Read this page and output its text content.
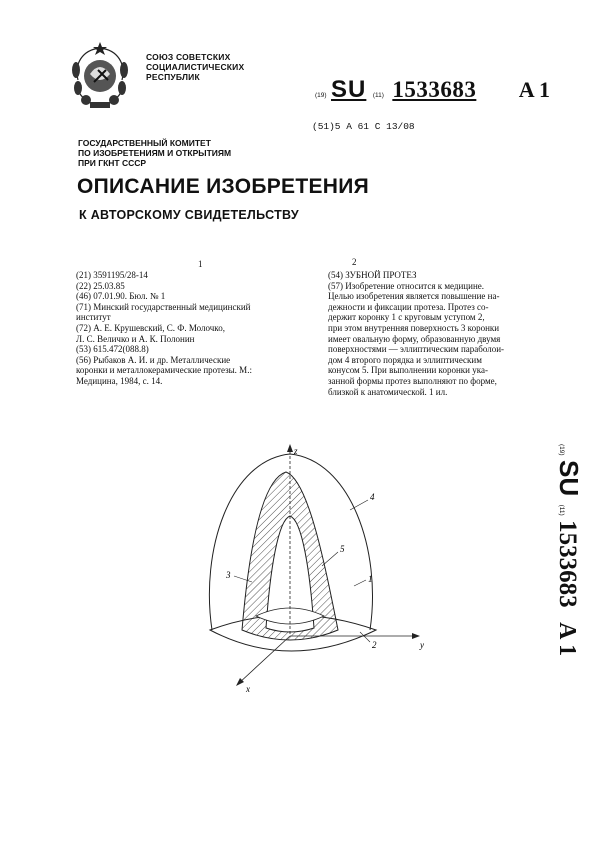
СОЮЗ СОВЕТСКИХ
СОЦИАЛИСТИЧЕСКИХ
РЕСПУБЛИК
(19) SU (11) 1533683 A 1
(51)5 А 61 С 13/08
ГОСУДАРСТВЕННЫЙ КОМИТЕТ
ПО ИЗОБРЕТЕНИЯМ И ОТКРЫТИЯМ
ПРИ ГКНТ СССР
ОПИСАНИЕ ИЗОБРЕТЕНИЯ
К АВТОРСКОМУ СВИДЕТЕЛЬСТВУ
1	2
(21) 3591195/28-14
(22) 25.03.85
(46) 07.01.90. Бюл. № 1
(71) Минский государственный медицинский
институт
(72) А. Е. Крушевский, С. Ф. Молочко,
Л. С. Величко и А. К. Полонин
(53) 615.472(088.8)
(56) Рыбаков А. И. и др. Металлические
коронки и металлокерамические протезы. М.:
Медицина, 1984, с. 14.
(54) ЗУБНОЙ ПРОТЕЗ

(57) Изобретение относится к медицине.

Целью изобретения является повышение на-

дежности и фиксации протеза. Протез со-

держит коронку 1 с круговым уступом 2,

при этом внутренняя поверхность 3 коронки

имеет овальную форму, образованную двумя

поверхностями — эллиптическим параболои-

дом 4 второго порядка и эллиптическим

конусом 5. При выполнении коронки ука-

занной формы протез выполняют по форме,

близкой к анатомической. 1 ил.

z
y
x
3
5
4
1
2
(19) SU (11) 1533683 A 1
